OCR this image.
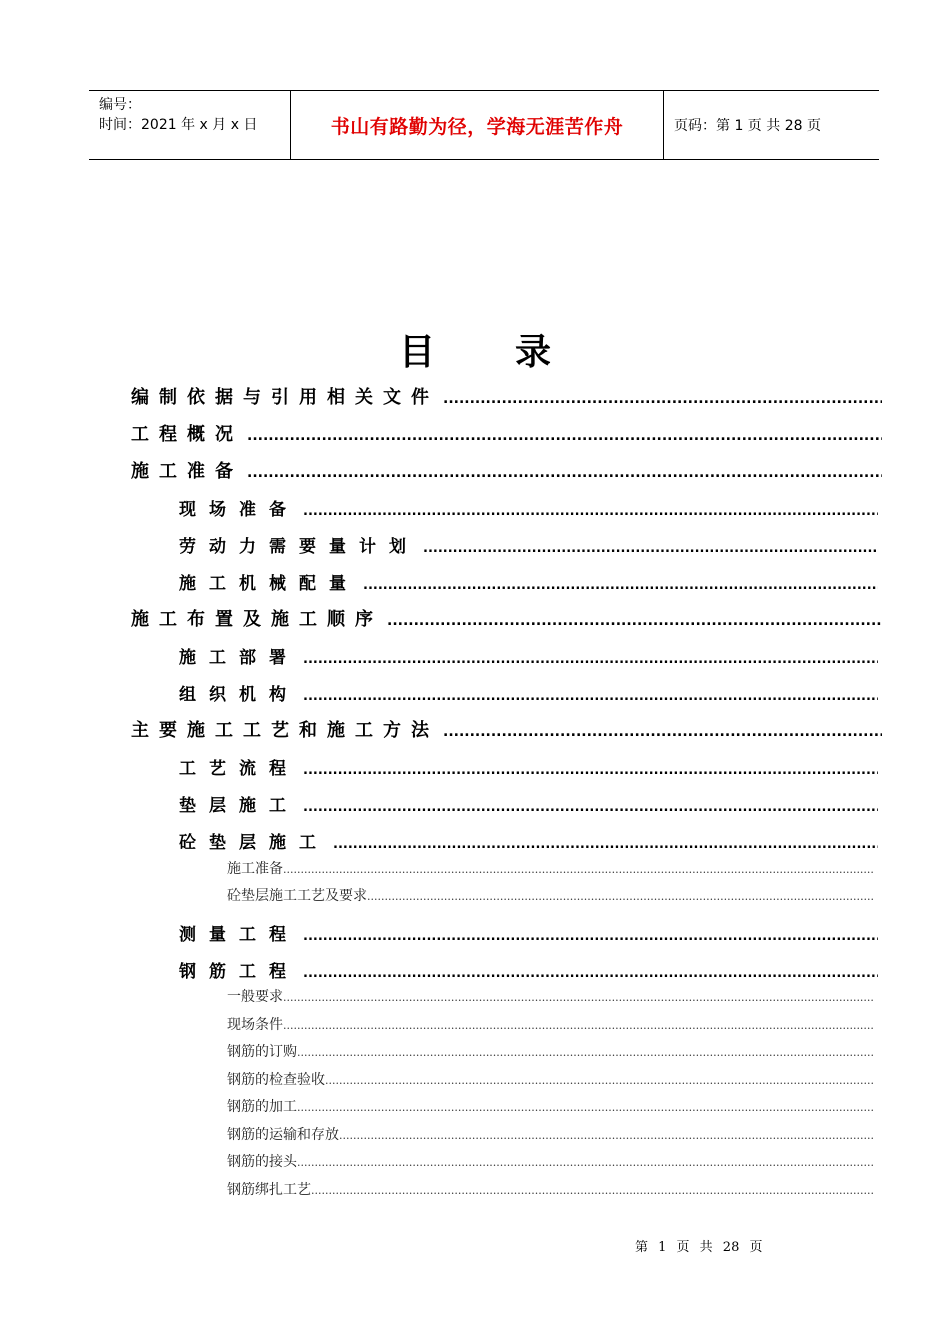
编号：
时间：2021 年 x 月 x 日	书山有路勤为径，学海无涯苦作舟	页码：第 1 页 共 28 页
目 录
编制依据与引用相关文件
.....
工程概况
.....
施工准备
.....
现场准备
.....
劳动力需要量计划
.....
施工机械配量
.....
施工布置及施工顺序
.....
施工部署
.....
组织机构
.....
主要施工工艺和施工方法
.....
工艺流程
.....
垫层施工
.....
砼垫层施工
.....
施工准备
.....
砼垫层施工工艺及要求
.....
测量工程
.....
钢筋工程
.....
一般要求
.....
现场条件
.....
钢筋的订购
.....
钢筋的检查验收
.....
钢筋的加工
.....
钢筋的运输和存放
.....
钢筋的接头
.....
钢筋绑扎工艺
.....
第 1 页 共 28 页
